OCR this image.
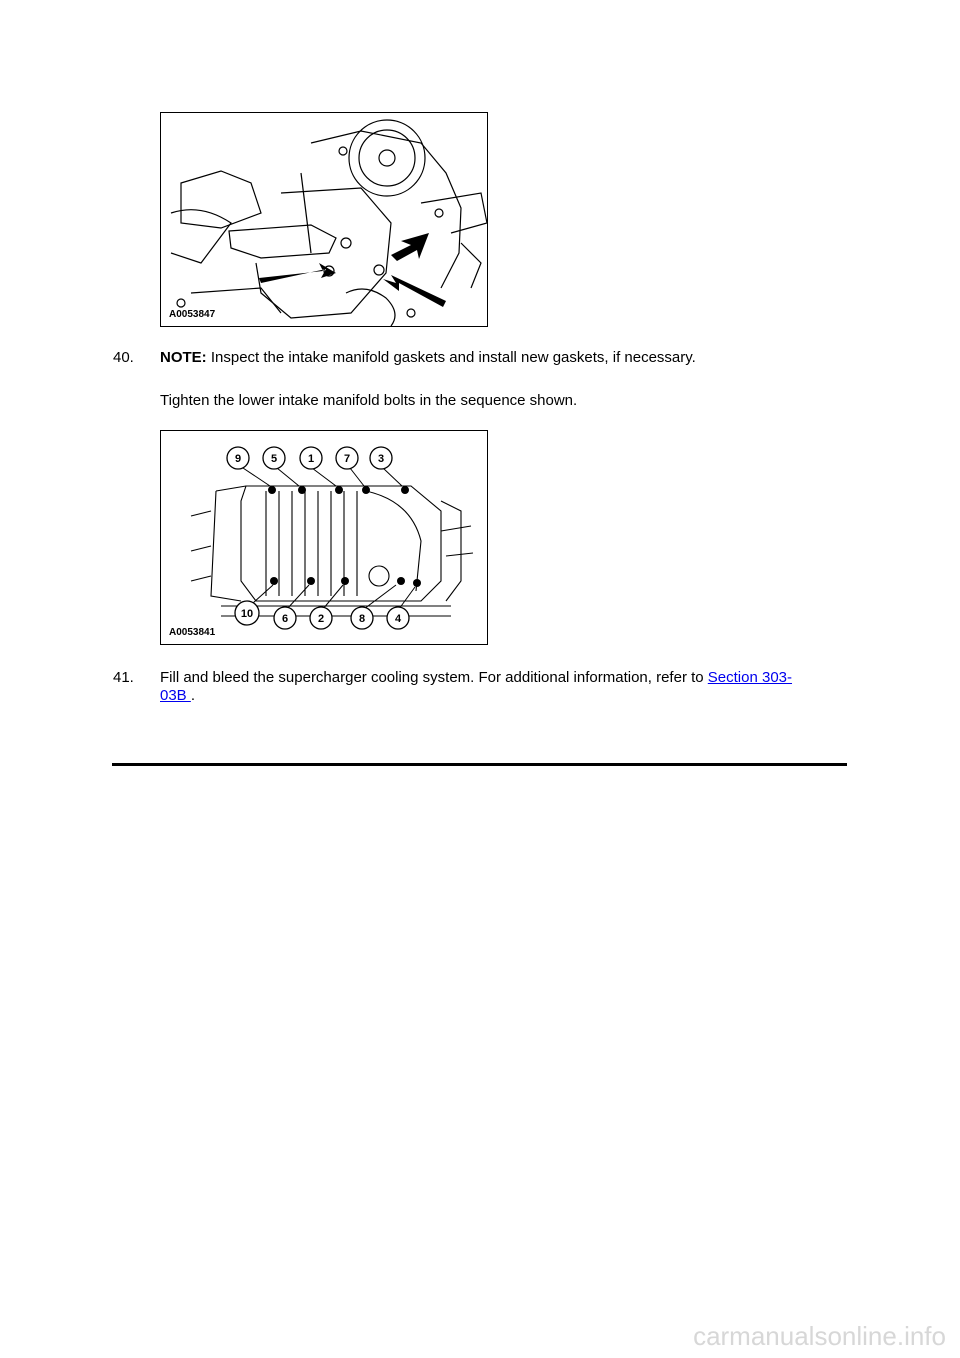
A0053847
40. NOTE: Inspect the intake manifold gaskets and install new gaskets, if necessary.
Tighten the lower intake manifold bolts in the sequence shown.
9	5	1	7	3
10	6	2	8	4
A0053841
41. Fill and bleed the supercharger cooling system. For additional information, refer to Section 303-
03B .
carmanualsonline.info
